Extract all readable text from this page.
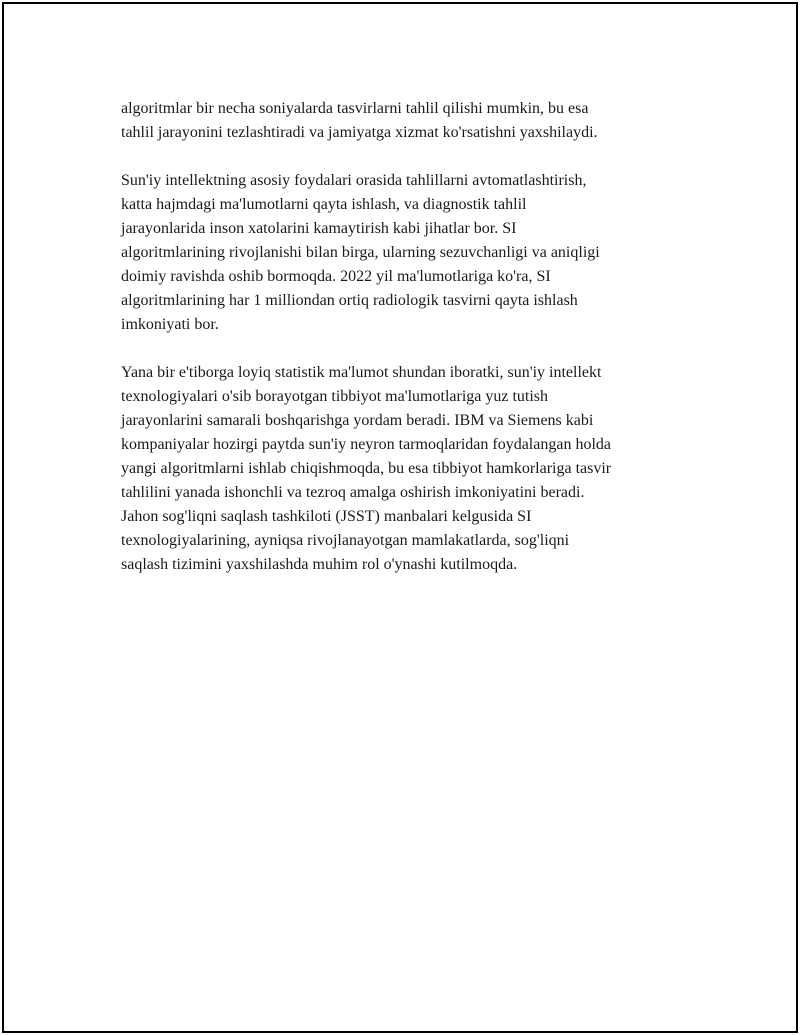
algoritmlar bir necha soniyalarda tasvirlarni tahlil qilishi mumkin, bu esa
tahlil jarayonini tezlashtiradi va jamiyatga xizmat ko'rsatishni yaxshilaydi.

Sun'iy intellektning asosiy foydalari orasida tahlillarni avtomatlashtirish,
katta hajmdagi ma'lumotlarni qayta ishlash, va diagnostik tahlil
jarayonlarida inson xatolarini kamaytirish kabi jihatlar bor. SI
algoritmlarining rivojlanishi bilan birga, ularning sezuvchanligi va aniqligi
doimiy ravishda oshib bormoqda. 2022 yil ma'lumotlariga ko'ra, SI
algoritmlarining har 1 milliondan ortiq radiologik tasvirni qayta ishlash
imkoniyati bor.

Yana bir e'tiborga loyiq statistik ma'lumot shundan iboratki, sun'iy intellekt
texnologiyalari o'sib borayotgan tibbiyot ma'lumotlariga yuz tutish
jarayonlarini samarali boshqarishga yordam beradi. IBM va Siemens kabi
kompaniyalar hozirgi paytda sun'iy neyron tarmoqlaridan foydalangan holda
yangi algoritmlarni ishlab chiqishmoqda, bu esa tibbiyot hamkorlariga tasvir
tahlilini yanada ishonchli va tezroq amalga oshirish imkoniyatini beradi.
Jahon sog'liqni saqlash tashkiloti (JSST) manbalari kelgusida SI
texnologiyalarining, ayniqsa rivojlanayotgan mamlakatlarda, sog'liqni
saqlash tizimini yaxshilashda muhim rol o'ynashi kutilmoqda.
